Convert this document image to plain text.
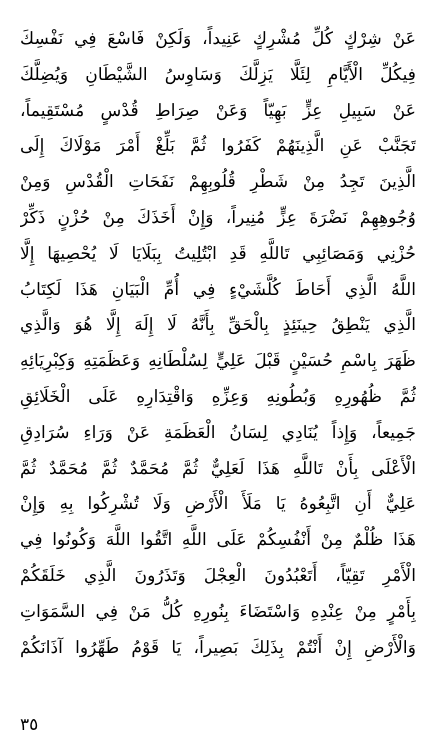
عَنْ شِرْكٍ كُلِّ مُشْرِكٍ عَنِيداً، وَلَكِنْ فَاسْعَ فِي نَفْسِكَ
فِيكُلِّ الْأَيَّامِ لِئَلَّا يَزِلَّكَ وَسَاوِسُ الشَّيْطَانِ وَيُضِلَّكَ
عَنْ سَبِيلِ عِزٍّ بَهِيّاً وَعَنْ صِرَاطِ قُدْسٍ مُسْتَقِيماً،
تَجَنَّبْ عَنِ الَّذِينَهُمْ كَفَرُوا ثُمَّ بَلِّغْ أَمْرَ مَوْلَاكَ إِلَى
الَّذِينَ تَجِدُ مِنْ شَطْرِ قُلُوبِهِمْ نَفَحَاتِ الْقُدْسِ وَمِنْ
وُجُوهِهِمْ نَضْرَةَ عِزٍّ مُنِيراً، وَإِنْ أَخَذَكَ مِنْ حُزْنٍ ذَكِّرْ
حُزْنِي وَمَصَائِبِي تَاللَّهِ قَدِ ابْتُلِيتُ بِبَلَايَا لَا يُحْصِيهَا إِلَّا
اللَّهُ الَّذِي أَحَاطَ كُلَّشَيْءٍ فِي أُمِّ الْبَيَانِ هَذَا لَكِتَابُ
الَّذِي يَنْطِقُ حِينَئِذٍ بِالْحَقِّ بِأَنَّهُ لَا إِلَهَ إِلَّا هُوَ وَالَّذِي
ظَهَرَ بِاسْمِ حُسَيْنٍ قَبْلَ عَلِيٍّ لِسُلْطَانِهِ وَعَظَمَتِهِ وَكِبْرِيَائِهِ
ثُمَّ ظُهُورِهِ وَبُطُونِهِ وَعِزِّهِ وَاقْتِدَارِهِ عَلَى الْخَلَائِقِ
جَمِيعاً، وَإِذاً يُنَادِي لِسَانُ الْعَظَمَةِ عَنْ وَرَاءِ سُرَادِقِ
الْأَعْلَى بِأَنْ تَاللَّهِ هَذَا لَعَلِيٌّ ثُمَّ مُحَمَّدٌ ثُمَّ مُحَمَّدٌ ثُمَّ
عَلِيٌّ أَنِ اتَّبِعُوهُ يَا مَلَأَ الْأَرْضِ وَلَا تُشْرِكُوا بِهِ وَإِنْ
هَذَا ظُلْمٌ مِنْ أَنْفُسِكُمْ عَلَى اللَّهِ اتَّقُوا اللَّهَ وَكُونُوا فِي
الْأَمْرِ تَقِيّاً، أَتَعْبُدُونَ الْعِجْلَ وَتَذَرُونَ الَّذِي خَلَقَكُمْ
بِأَمْرٍ مِنْ عِنْدِهِ وَاسْتَضَاءَ بِنُورِهِ كُلُّ مَنْ فِي السَّمَوَاتِ
وَالْأَرْضِ إِنْ أَنْتُمْ بِذَلِكَ بَصِيراً، يَا قَوْمُ طَهِّرُوا آذَانَكُمْ
٣٥
